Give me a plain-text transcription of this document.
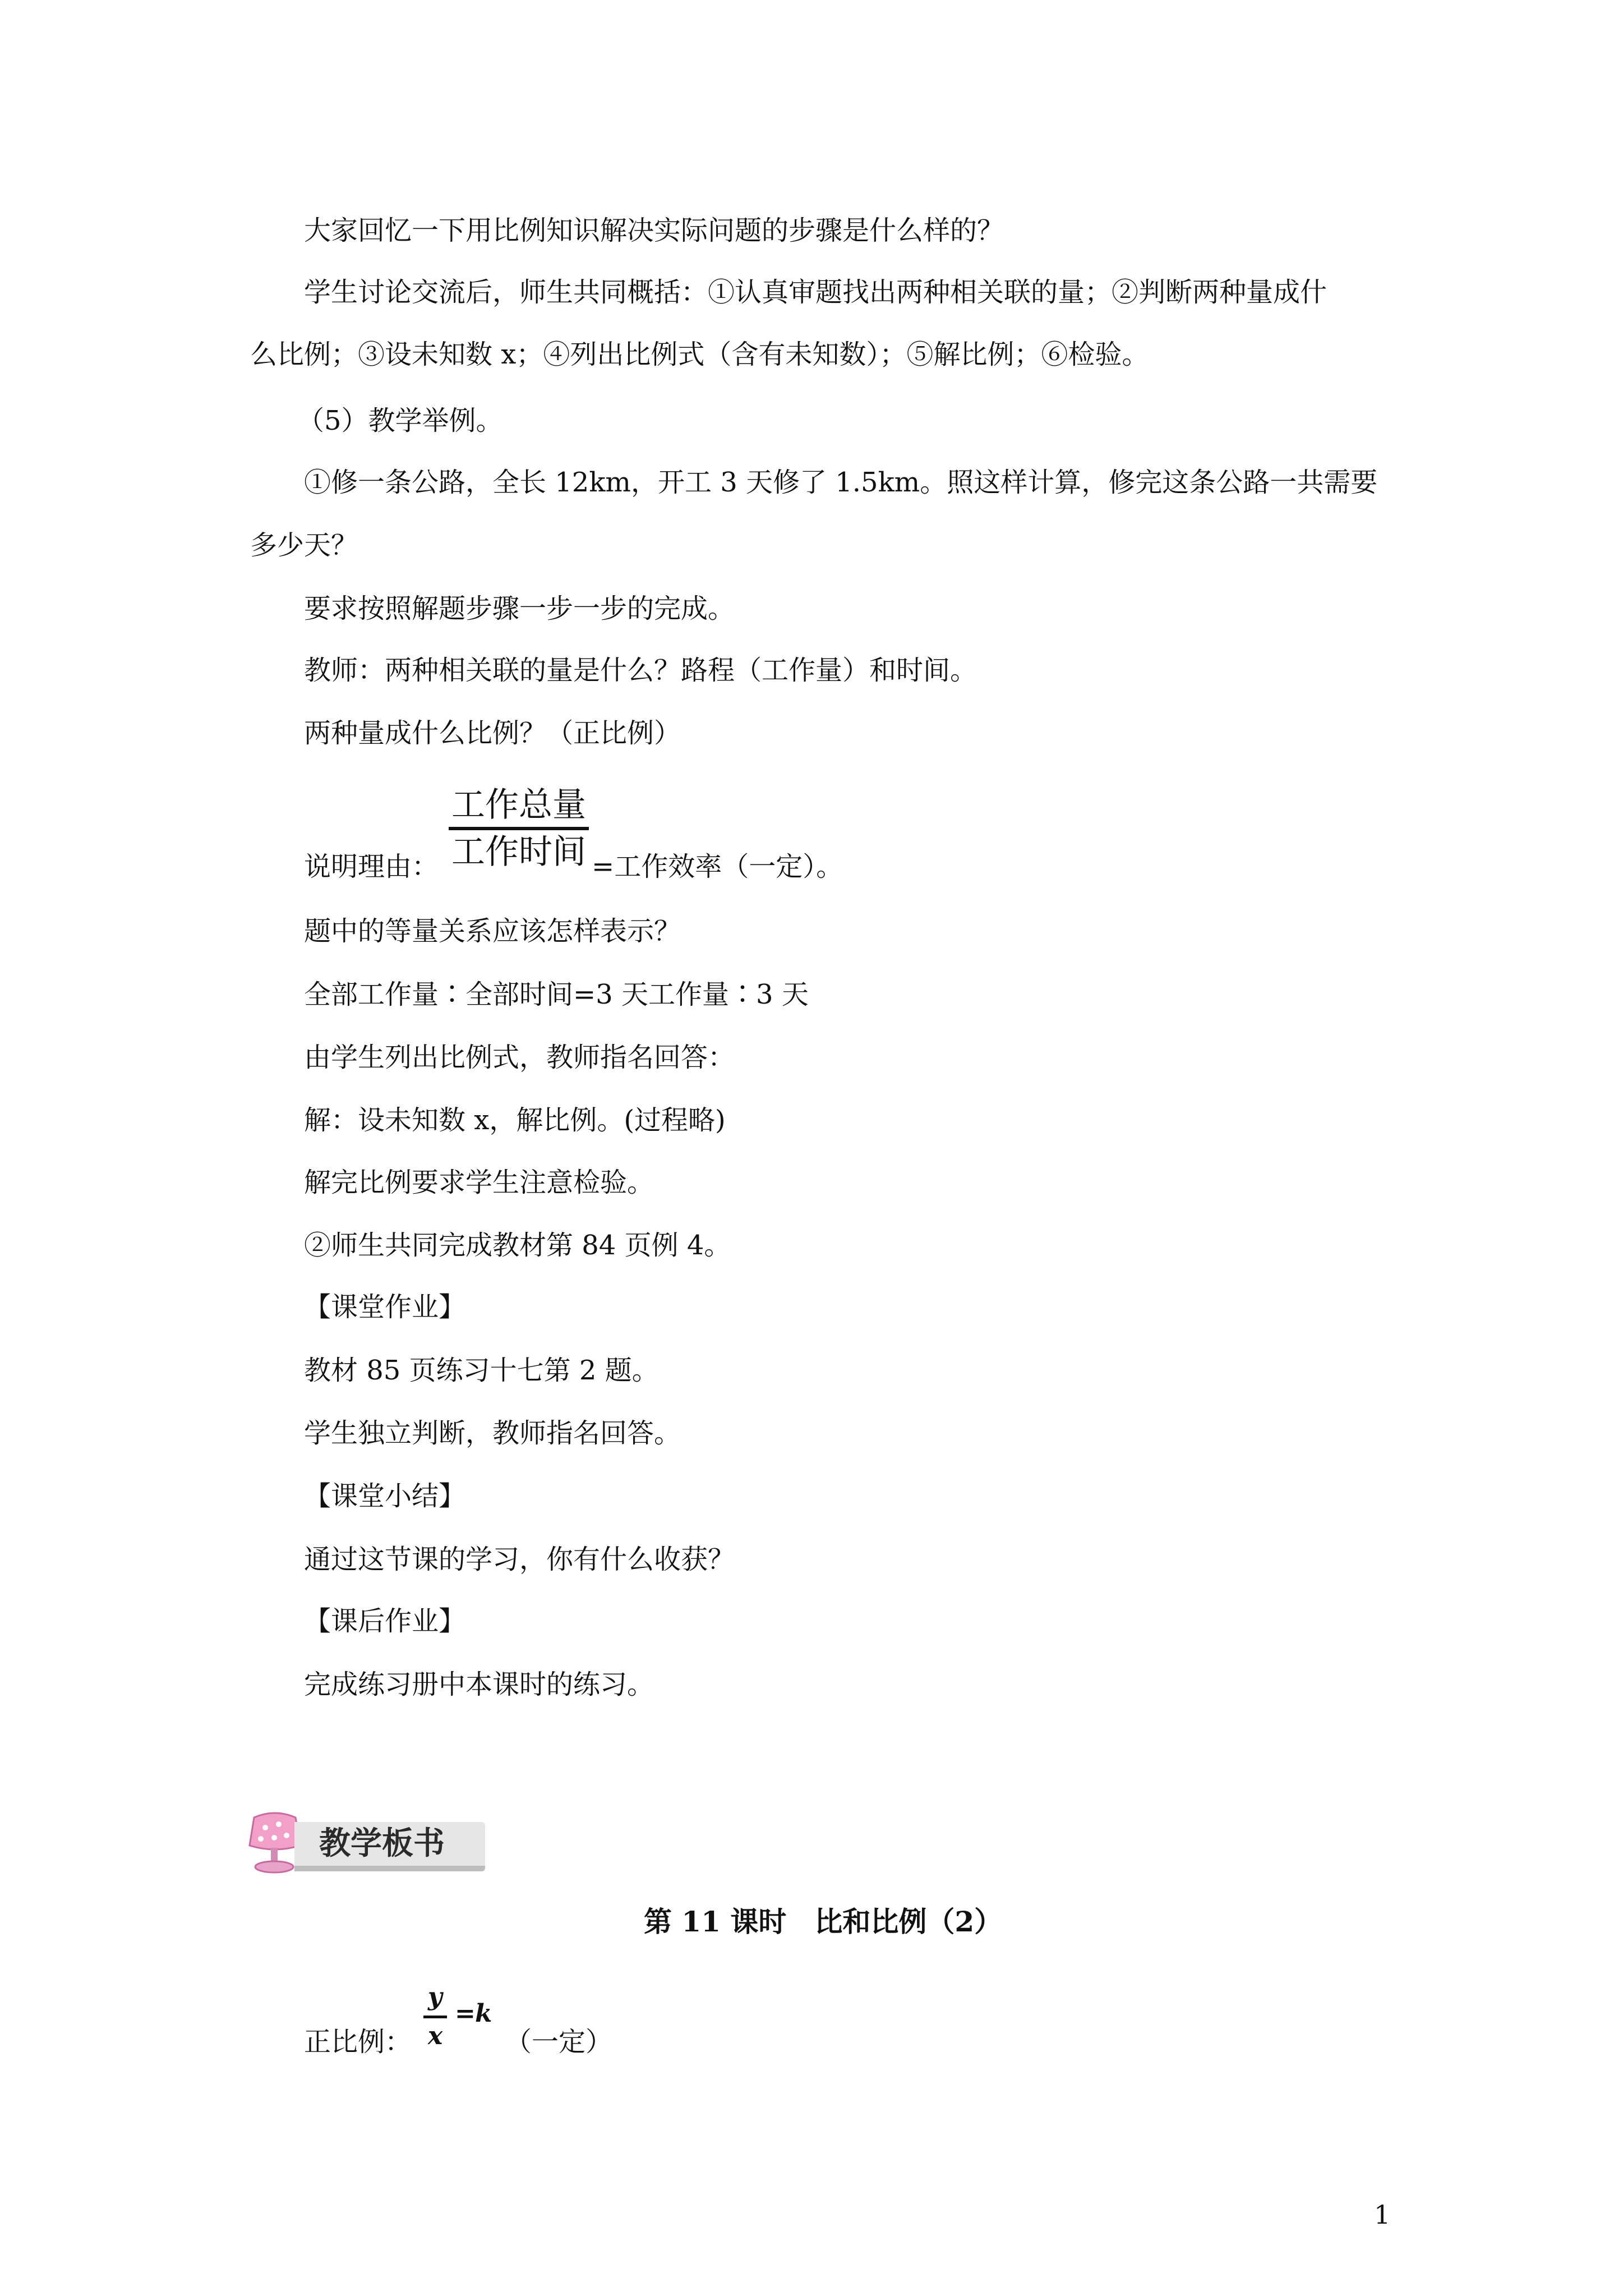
大家回忆一下用比例知识解决实际问题的步骤是什么样的？
学生讨论交流后，师生共同概括：①认真审题找出两种相关联的量；②判断两种量成什
么比例；③设未知数 x；④列出比例式（含有未知数）；⑤解比例；⑥检验。
（5）教学举例。
①修一条公路，全长 12km，开工 3 天修了 1.5km。照这样计算，修完这条公路一共需要
多少天？
要求按照解题步骤一步一步的完成。
教师：两种相关联的量是什么？路程（工作量）和时间。
两种量成什么比例？（正比例）
说明理由：
工作总量
工作时间 =工作效率（一定）。
题中的等量关系应该怎样表示？
全部工作量∶全部时间=3 天工作量∶3 天
由学生列出比例式，教师指名回答：
解：设未知数 x，解比例。(过程略)
解完比例要求学生注意检验。
②师生共同完成教材第 84 页例 4。
【课堂作业】
教材 85 页练习十七第 2 题。
学生独立判断，教师指名回答。
【课堂小结】
通过这节课的学习，你有什么收获？
【课后作业】
完成练习册中本课时的练习。
教学板书
第 11 课时　比和比例（2）
正比例：
y
= k
x （一定）
1
